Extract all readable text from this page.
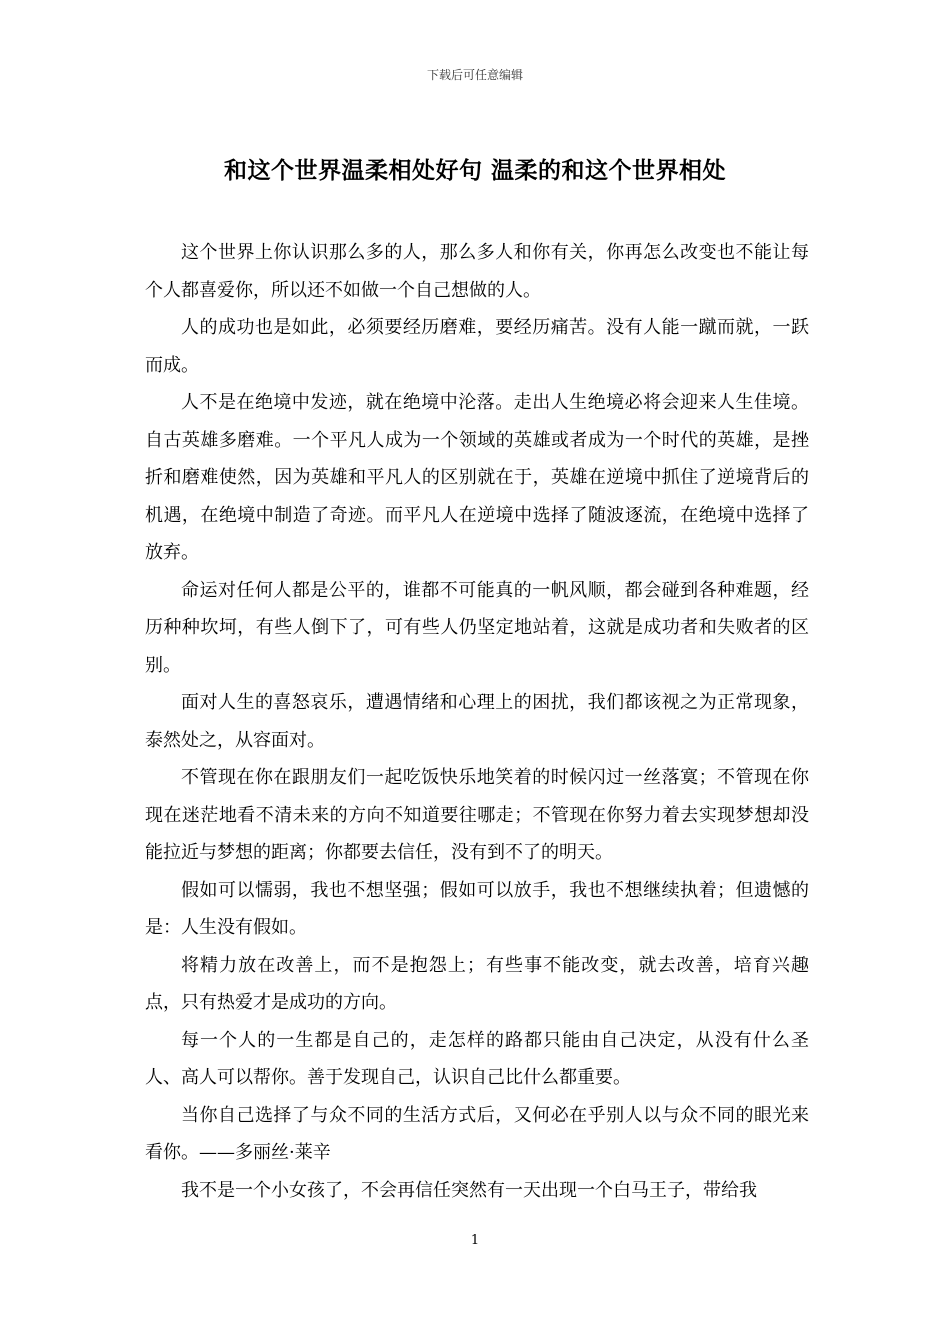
下载后可任意编辑
和这个世界温柔相处好句 温柔的和这个世界相处

这个世界上你认识那么多的人，那么多人和你有关，你再怎么改变也不能让每个人都喜爱你，所以还不如做一个自己想做的人。

人的成功也是如此，必须要经历磨难，要经历痛苦。没有人能一蹴而就，一跃而成。

人不是在绝境中发迹，就在绝境中沦落。走出人生绝境必将会迎来人生佳境。自古英雄多磨难。一个平凡人成为一个领域的英雄或者成为一个时代的英雄，是挫折和磨难使然，因为英雄和平凡人的区别就在于，英雄在逆境中抓住了逆境背后的机遇，在绝境中制造了奇迹。而平凡人在逆境中选择了随波逐流，在绝境中选择了放弃。

命运对任何人都是公平的，谁都不可能真的一帆风顺，都会碰到各种难题，经历种种坎坷，有些人倒下了，可有些人仍坚定地站着，这就是成功者和失败者的区别。

面对人生的喜怒哀乐，遭遇情绪和心理上的困扰，我们都该视之为正常现象，泰然处之，从容面对。

不管现在你在跟朋友们一起吃饭快乐地笑着的时候闪过一丝落寞；不管现在你现在迷茫地看不清未来的方向不知道要往哪走；不管现在你努力着去实现梦想却没能拉近与梦想的距离；你都要去信任，没有到不了的明天。

假如可以懦弱，我也不想坚强；假如可以放手，我也不想继续执着；但遗憾的是：人生没有假如。

将精力放在改善上，而不是抱怨上；有些事不能改变，就去改善，培育兴趣点，只有热爱才是成功的方向。

每一个人的一生都是自己的，走怎样的路都只能由自己决定，从没有什么圣人、高人可以帮你。善于发现自己，认识自己比什么都重要。

当你自己选择了与众不同的生活方式后，又何必在乎别人以与众不同的眼光来看你。——多丽丝·莱辛

我不是一个小女孩了，不会再信任突然有一天出现一个白马王子，带给我

1
